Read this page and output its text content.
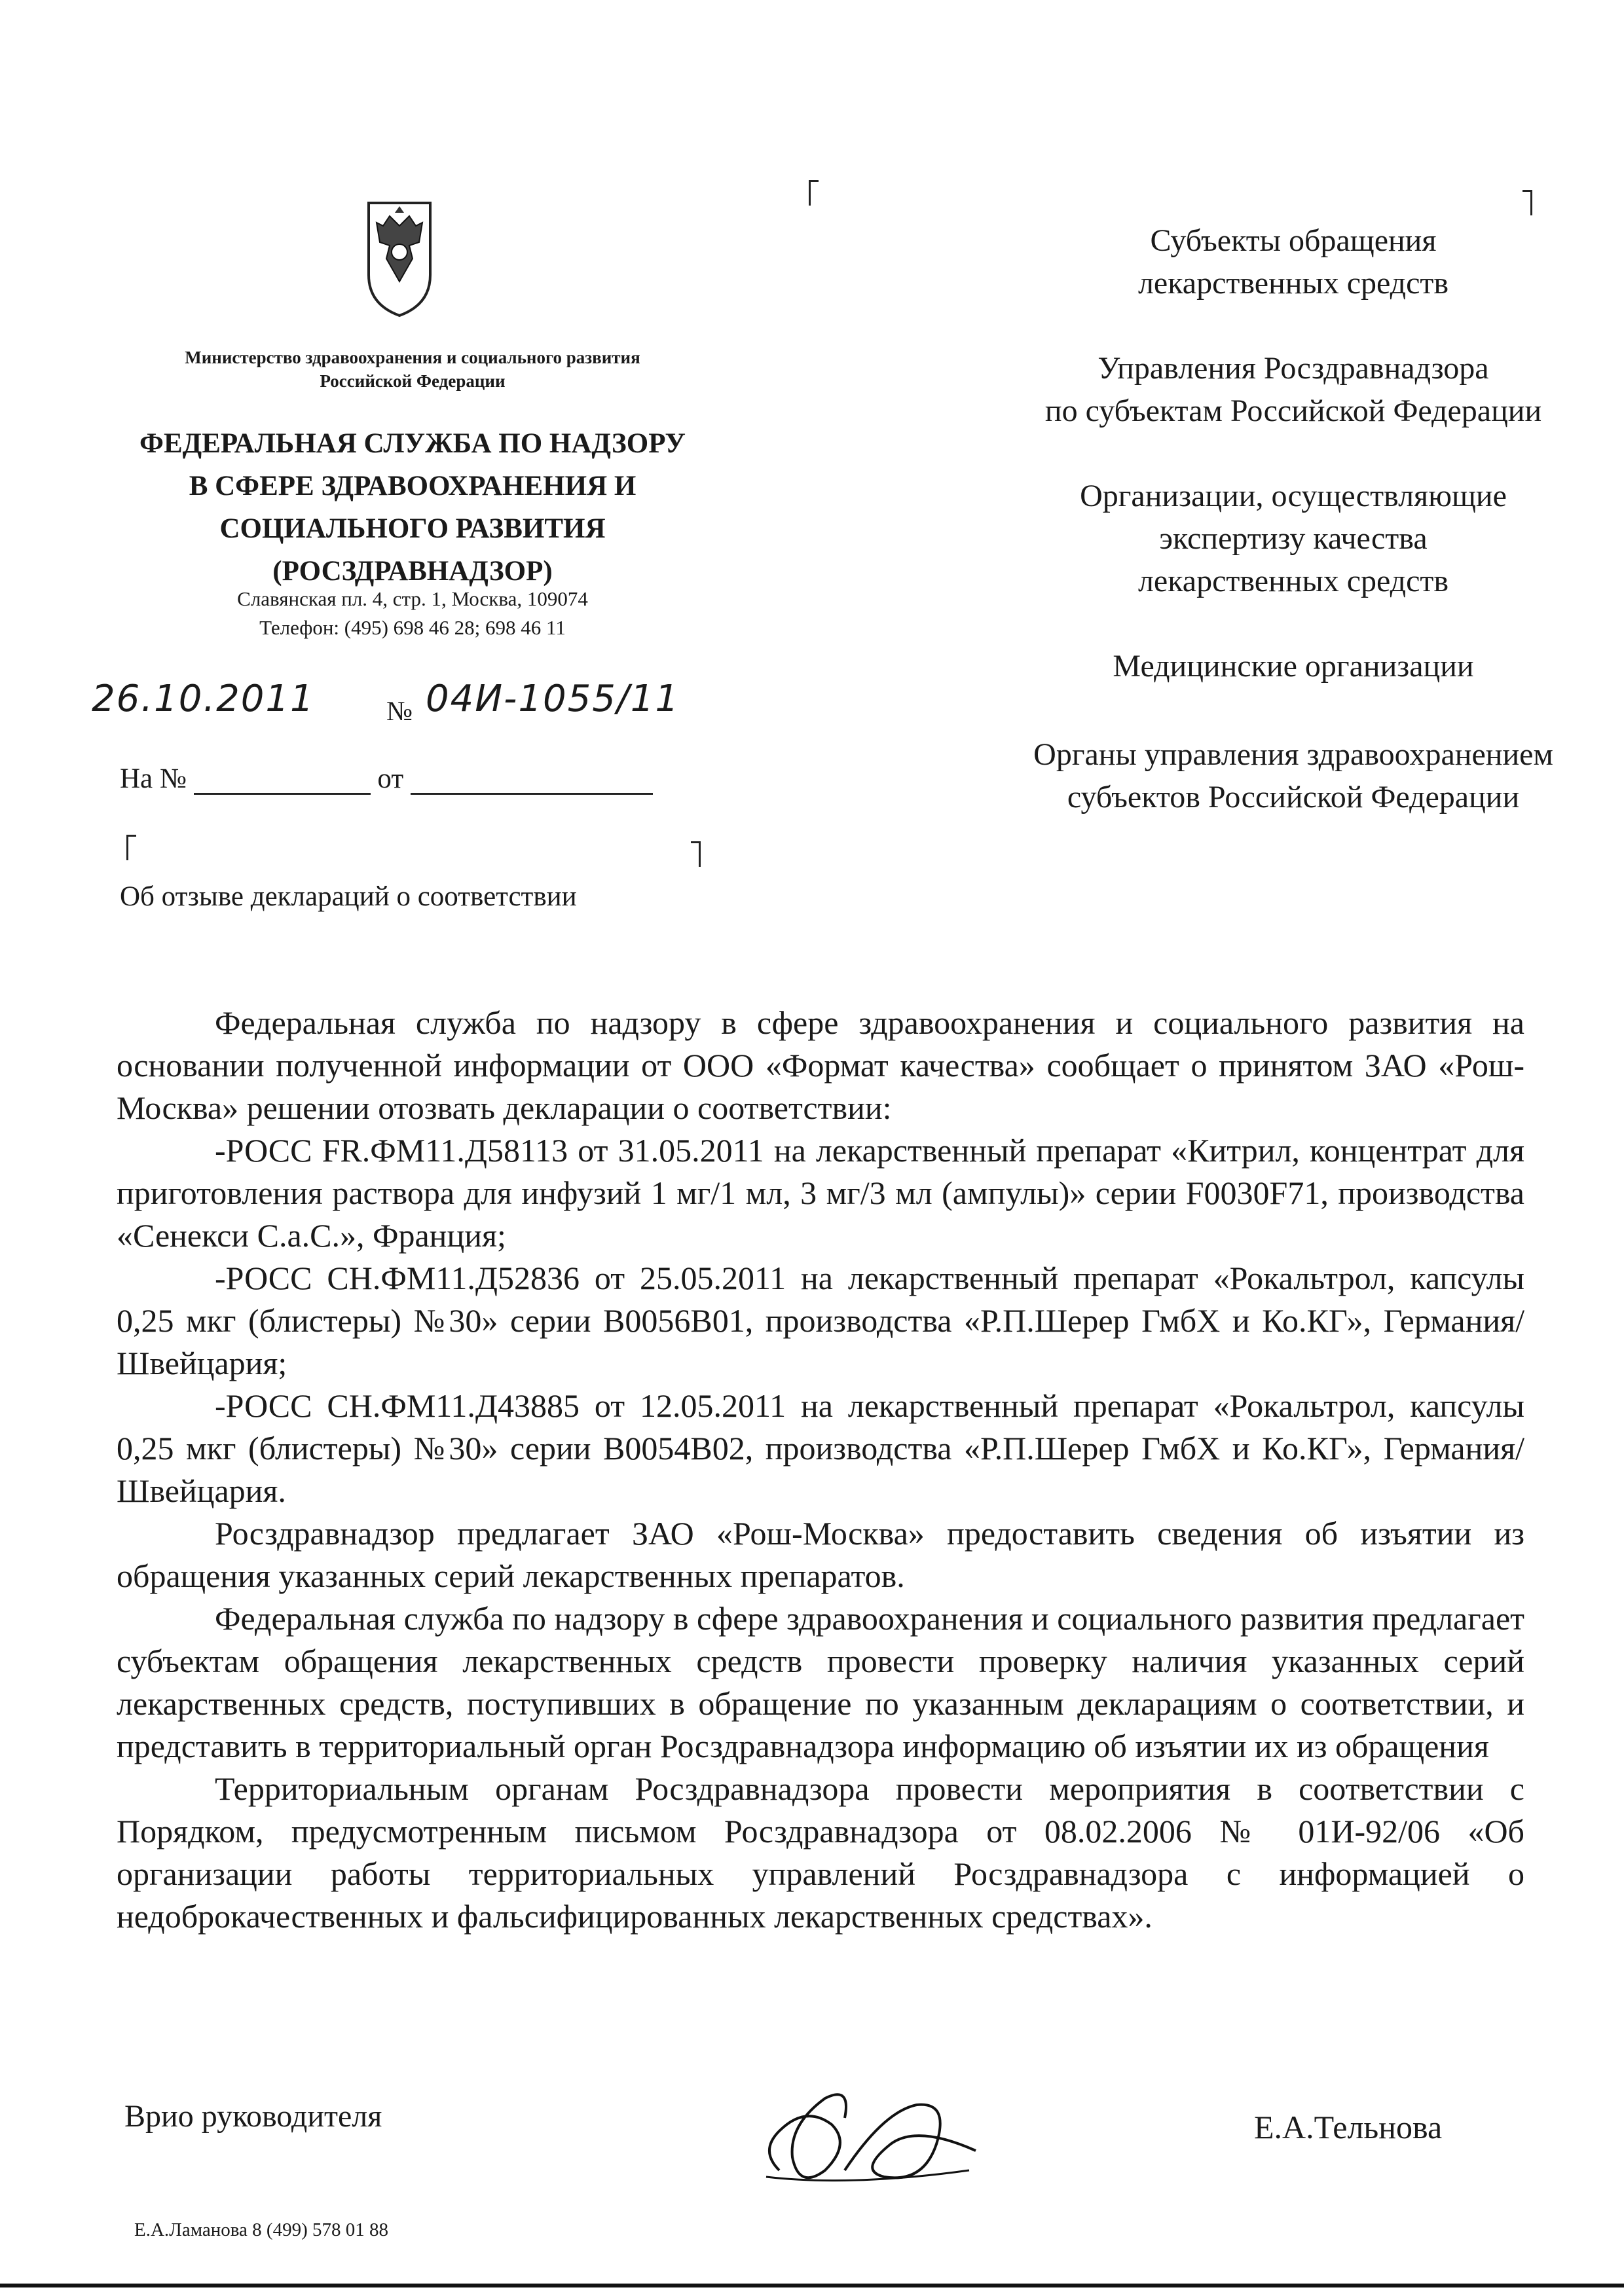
Министерство здравоохранения и социального развития Российской Федерации
ФЕДЕРАЛЬНАЯ СЛУЖБА ПО НАДЗОРУ
В СФЕРЕ ЗДРАВООХРАНЕНИЯ И
СОЦИАЛЬНОГО РАЗВИТИЯ
(РОСЗДРАВНАДЗОР)
Славянская пл. 4, стр. 1, Москва, 109074
Телефон: (495) 698 46 28; 698 46 11
26.10.2011	№ 04И-1055/11
На №	от
Об отзыве деклараций о соответствии
Субъекты обращения
лекарственных средств
Управления Росздравнадзора
по субъектам Российской Федерации
Организации, осуществляющие
экспертизу качества
лекарственных средств
Медицинские организации
Органы управления здравоохранением
субъектов Российской Федерации

Федеральная служба по надзору в сфере здравоохранения и социального развития на основании полученной информации от ООО «Формат качества» сообщает о принятом ЗАО «Рош-Москва» решении отозвать декларации о соответствии:

-РОСС FR.ФМ11.Д58113 от 31.05.2011 на лекарственный препарат «Китрил, концентрат для приготовления раствора для инфузий 1 мг/1 мл, 3 мг/3 мл (ампулы)» серии F0030F71, производства «Сенекси С.а.С.», Франция;

-РОСС CH.ФМ11.Д52836 от 25.05.2011 на лекарственный препарат «Рокальтрол, капсулы 0,25 мкг (блистеры) №30» серии B0056B01, производства «Р.П.Шерер ГмбХ и Ко.КГ», Германия/Швейцария;

-РОСС CH.ФМ11.Д43885 от 12.05.2011 на лекарственный препарат «Рокальтрол, капсулы 0,25 мкг (блистеры) №30» серии B0054B02, производства «Р.П.Шерер ГмбХ и Ко.КГ», Германия/Швейцария.

Росздравнадзор предлагает ЗАО «Рош-Москва» предоставить сведения об изъятии из обращения указанных серий лекарственных препаратов.

Федеральная служба по надзору в сфере здравоохранения и социального развития предлагает субъектам обращения лекарственных средств провести проверку наличия указанных серий лекарственных средств, поступивших в обращение по указанным декларациям о соответствии, и представить в территориальный орган Росздравнадзора информацию об изъятии их из обращения

Территориальным органам Росздравнадзора провести мероприятия в соответствии с Порядком, предусмотренным письмом Росздравнадзора от 08.02.2006 № 01И-92/06 «Об организации работы территориальных управлений Росздравнадзора с информацией о недоброкачественных и фальсифицированных лекарственных средствах».

Врио руководителя	Е.А.Тельнова
Е.А.Ламанова 8 (499) 578 01 88
